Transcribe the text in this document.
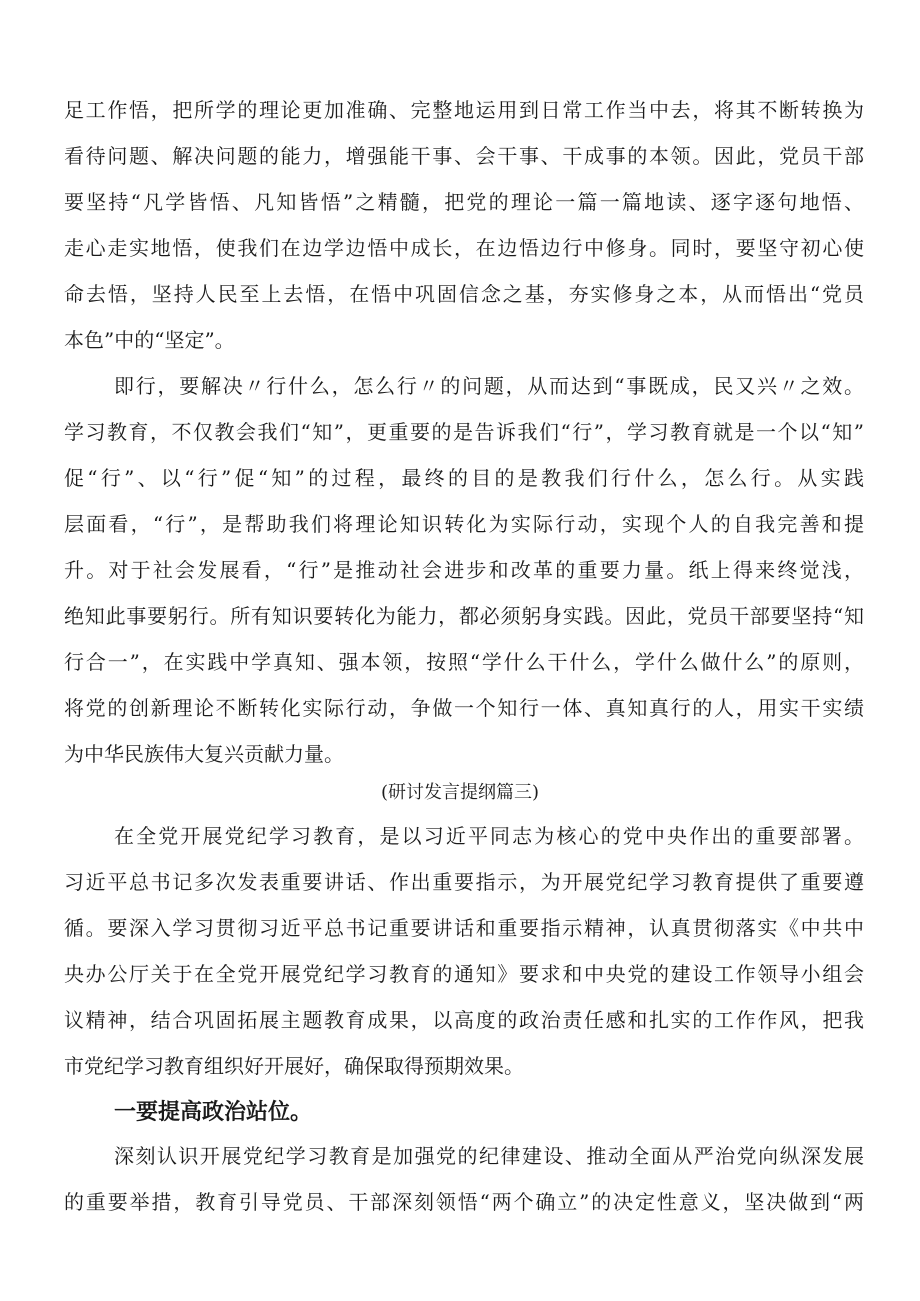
足工作悟，把所学的理论更加准确、完整地运用到日常工作当中去，将其不断转换为
看待问题、解决问题的能力，增强能干事、会干事、干成事的本领。因此，党员干部
要坚持“凡学皆悟、凡知皆悟”之精髓，把党的理论一篇一篇地读、逐字逐句地悟、
走心走实地悟，使我们在边学边悟中成长，在边悟边行中修身。同时，要坚守初心使
命去悟，坚持人民至上去悟，在悟中巩固信念之基，夯实修身之本，从而悟出“党员
本色”中的“坚定”。
即行，要解决〃行什么，怎么行〃的问题，从而达到“事既成，民又兴〃之效。
学习教育，不仅教会我们“知”，更重要的是告诉我们“行”，学习教育就是一个以“知”
促“行”、以“行”促“知”的过程，最终的目的是教我们行什么，怎么行。从实践
层面看，“行”，是帮助我们将理论知识转化为实际行动，实现个人的自我完善和提
升。对于社会发展看，“行”是推动社会进步和改革的重要力量。纸上得来终觉浅，
绝知此事要躬行。所有知识要转化为能力，都必须躬身实践。因此，党员干部要坚持“知
行合一”，在实践中学真知、强本领，按照“学什么干什么，学什么做什么”的原则，
将党的创新理论不断转化实际行动，争做一个知行一体、真知真行的人，用实干实绩
为中华民族伟大复兴贡献力量。
(研讨发言提纲篇三)
在全党开展党纪学习教育，是以习近平同志为核心的党中央作出的重要部署。
习近平总书记多次发表重要讲话、作出重要指示，为开展党纪学习教育提供了重要遵
循。要深入学习贯彻习近平总书记重要讲话和重要指示精神，认真贯彻落实《中共中
央办公厅关于在全党开展党纪学习教育的通知》要求和中央党的建设工作领导小组会
议精神，结合巩固拓展主题教育成果，以高度的政治责任感和扎实的工作作风，把我
市党纪学习教育组织好开展好，确保取得预期效果。
一要提高政治站位。
深刻认识开展党纪学习教育是加强党的纪律建设、推动全面从严治党向纵深发展
的重要举措，教育引导党员、干部深刻领悟“两个确立”的决定性意义，坚决做到“两
